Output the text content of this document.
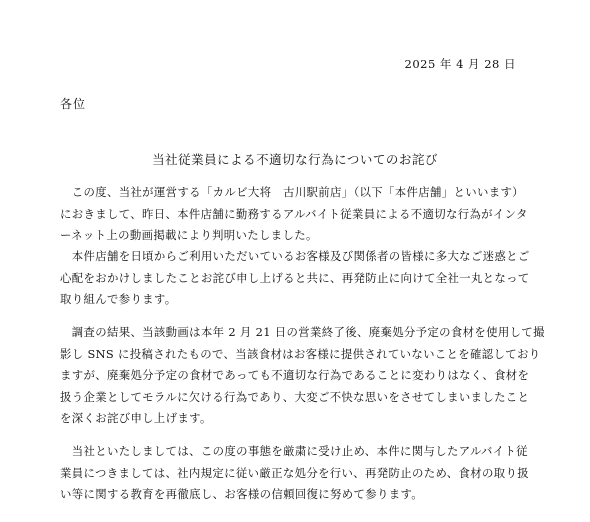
2025 年 4 月 28 日
各位
当社従業員による不適切な行為についてのお詫び
　この度、当社が運営する「カルビ大将　古川駅前店」（以下「本件店舗」といいます）
におきまして、昨日、本件店舗に勤務するアルバイト従業員による不適切な行為がインタ
ーネット上の動画掲載により判明いたしました。
　本件店舗を日頃からご利用いただいているお客様及び関係者の皆様に多大なご迷惑とご
心配をおかけしましたことお詫び申し上げると共に、再発防止に向けて全社一丸となって
取り組んで参ります。
　調査の結果、当該動画は本年 2 月 21 日の営業終了後、廃棄処分予定の食材を使用して撮
影し SNS に投稿されたもので、当該食材はお客様に提供されていないことを確認しており
ますが、廃棄処分予定の食材であっても不適切な行為であることに変わりはなく、食材を
扱う企業としてモラルに欠ける行為であり、大変ご不快な思いをさせてしまいましたこと
を深くお詫び申し上げます。
　当社といたしましては、この度の事態を厳粛に受け止め、本件に関与したアルバイト従
業員につきましては、社内規定に従い厳正な処分を行い、再発防止のため、食材の取り扱
い等に関する教育を再徹底し、お客様の信頼回復に努めて参ります。
